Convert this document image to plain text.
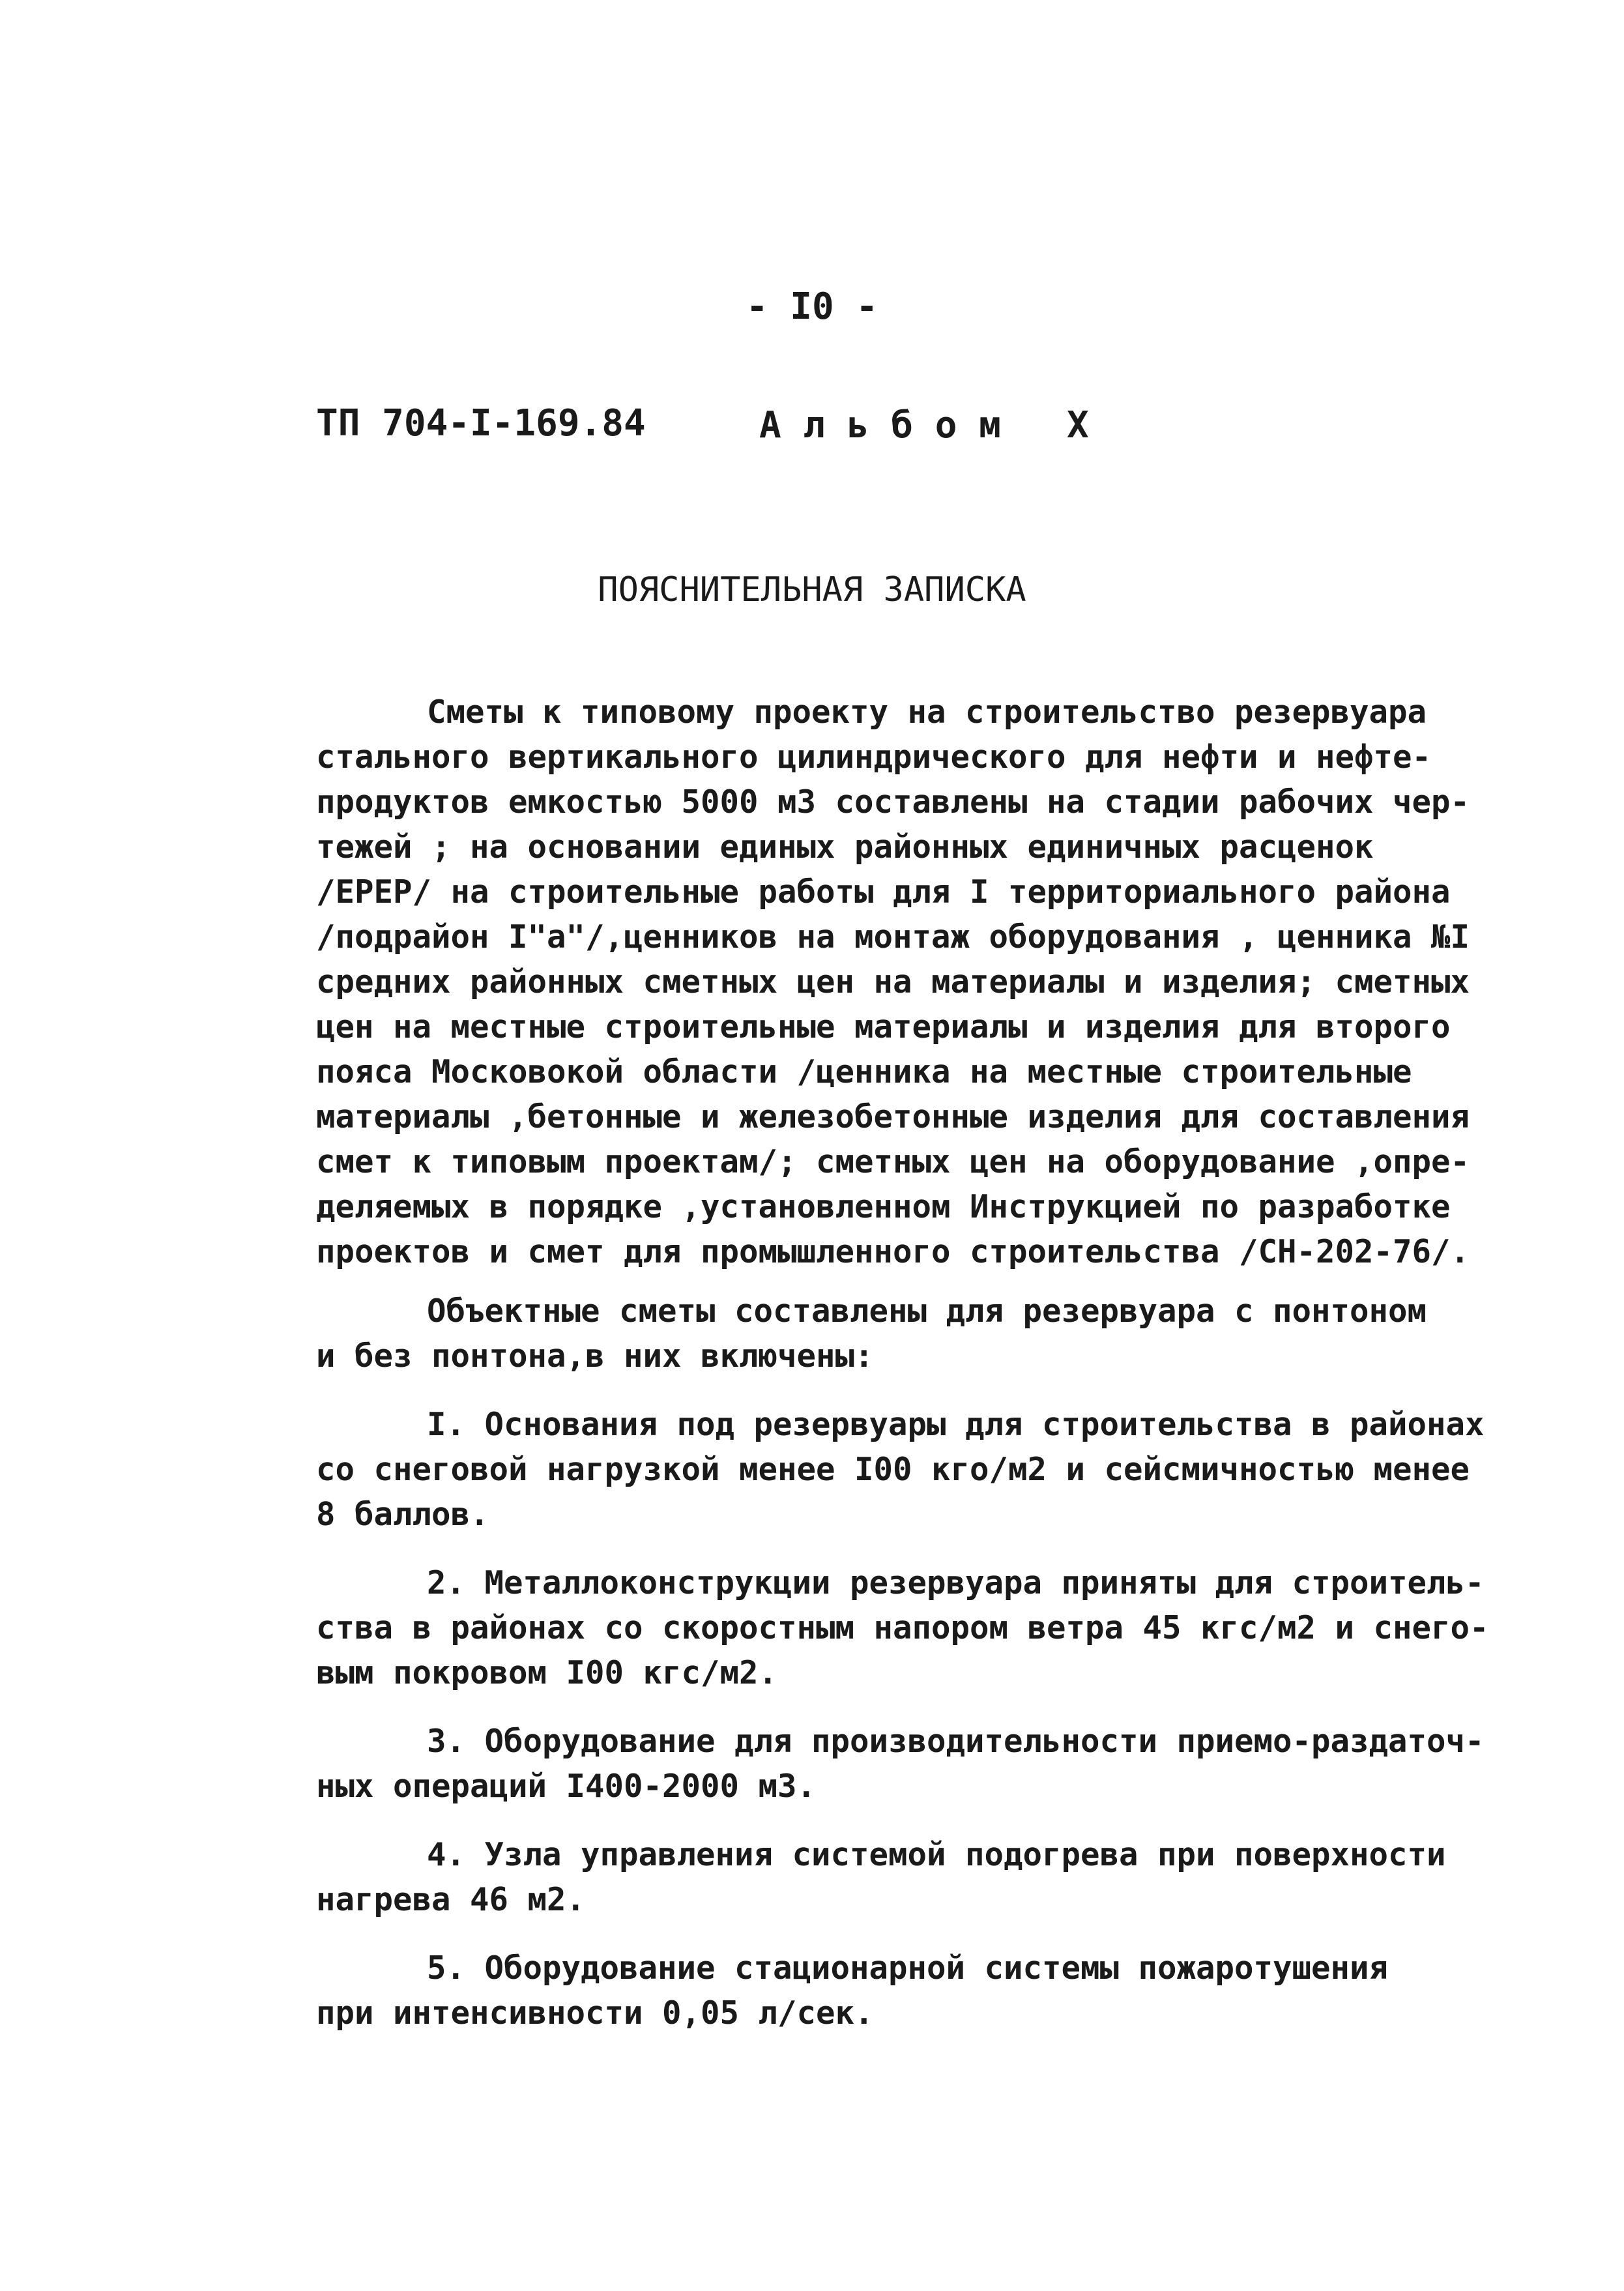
- I0 -
ТП 704-I-169.84	А л ь б о м   Х
ПОЯСНИТЕЛЬНАЯ ЗАПИСКА

Сметы к типовому проекту на строительство резервуара
стального вертикального цилиндрического для нефти и нефте-
продуктов емкостью 5000 м3 составлены на стадии рабочих чер-
тежей ; на основании единых районных единичных расценок
/ЕРЕР/ на строительные работы для I территориального района
/подрайон I"а"/,ценников на монтаж оборудования , ценника №I
средних районных сметных цен на материалы и изделия; сметных
цен на местные строительные материалы и изделия для второго
пояса Московокой области /ценника на местные строительные
материалы ,бетонные и железобетонные изделия для составления
смет к типовым проектам/; сметных цен на оборудование ,опре-
деляемых в порядке ,установленном Инструкцией по разработке
проектов и смет для промышленного строительства /СН-202-76/.

Объектные сметы составлены для резервуара с понтоном
и без понтона,в них включены:

I. Основания под резервуары для строительства в районах
со снеговой нагрузкой менее I00 кго/м2 и сейсмичностью менее
8 баллов.

2. Металлоконструкции резервуара приняты для строитель-
ства в районах со скоростным напором ветра 45 кгс/м2 и снего-
вым покровом I00 кгс/м2.

3. Оборудование для производительности приемо-раздаточ-
ных операций I400-2000 м3.

4. Узла управления системой подогрева при поверхности
нагрева 46 м2.

5. Оборудование стационарной системы пожаротушения
при интенсивности 0,05 л/сек.
